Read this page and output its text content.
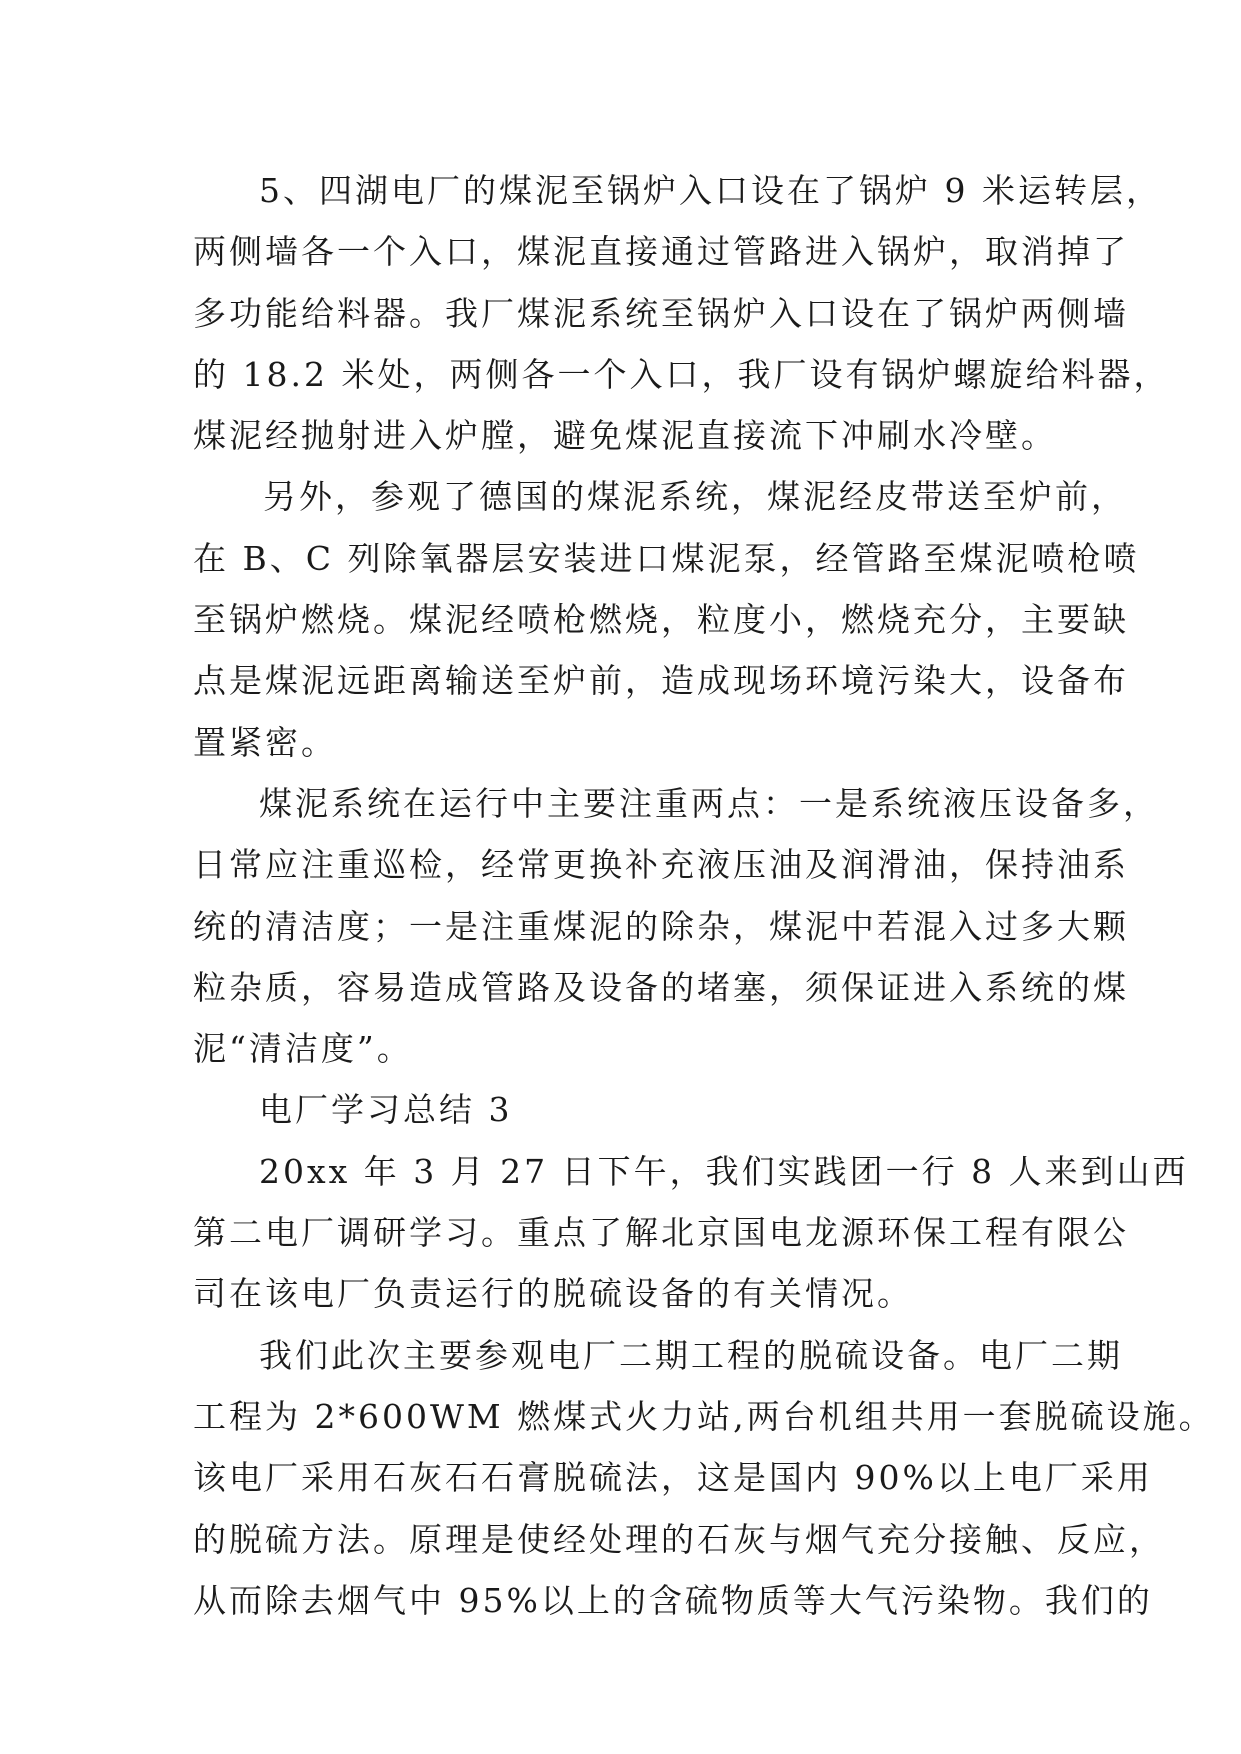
5、四湖电厂的煤泥至锅炉入口设在了锅炉 9 米运转层，
两侧墙各一个入口，煤泥直接通过管路进入锅炉，取消掉了
多功能给料器。我厂煤泥系统至锅炉入口设在了锅炉两侧墙
的 18.2 米处，两侧各一个入口，我厂设有锅炉螺旋给料器，
煤泥经抛射进入炉膛，避免煤泥直接流下冲刷水冷壁。
另外，参观了德国的煤泥系统，煤泥经皮带送至炉前，
在 B、C 列除氧器层安装进口煤泥泵，经管路至煤泥喷枪喷
至锅炉燃烧。煤泥经喷枪燃烧，粒度小，燃烧充分，主要缺
点是煤泥远距离输送至炉前，造成现场环境污染大，设备布
置紧密。
煤泥系统在运行中主要注重两点：一是系统液压设备多，
日常应注重巡检，经常更换补充液压油及润滑油，保持油系
统的清洁度；一是注重煤泥的除杂，煤泥中若混入过多大颗
粒杂质，容易造成管路及设备的堵塞，须保证进入系统的煤
泥“清洁度”。
电厂学习总结 3
20xx 年 3 月 27 日下午，我们实践团一行 8 人来到山西
第二电厂调研学习。重点了解北京国电龙源环保工程有限公
司在该电厂负责运行的脱硫设备的有关情况。
我们此次主要参观电厂二期工程的脱硫设备。电厂二期
工程为 2*600WM 燃煤式火力站,两台机组共用一套脱硫设施。
该电厂采用石灰石石膏脱硫法，这是国内 90%以上电厂采用
的脱硫方法。原理是使经处理的石灰与烟气充分接触、反应，
从而除去烟气中 95%以上的含硫物质等大气污染物。我们的
